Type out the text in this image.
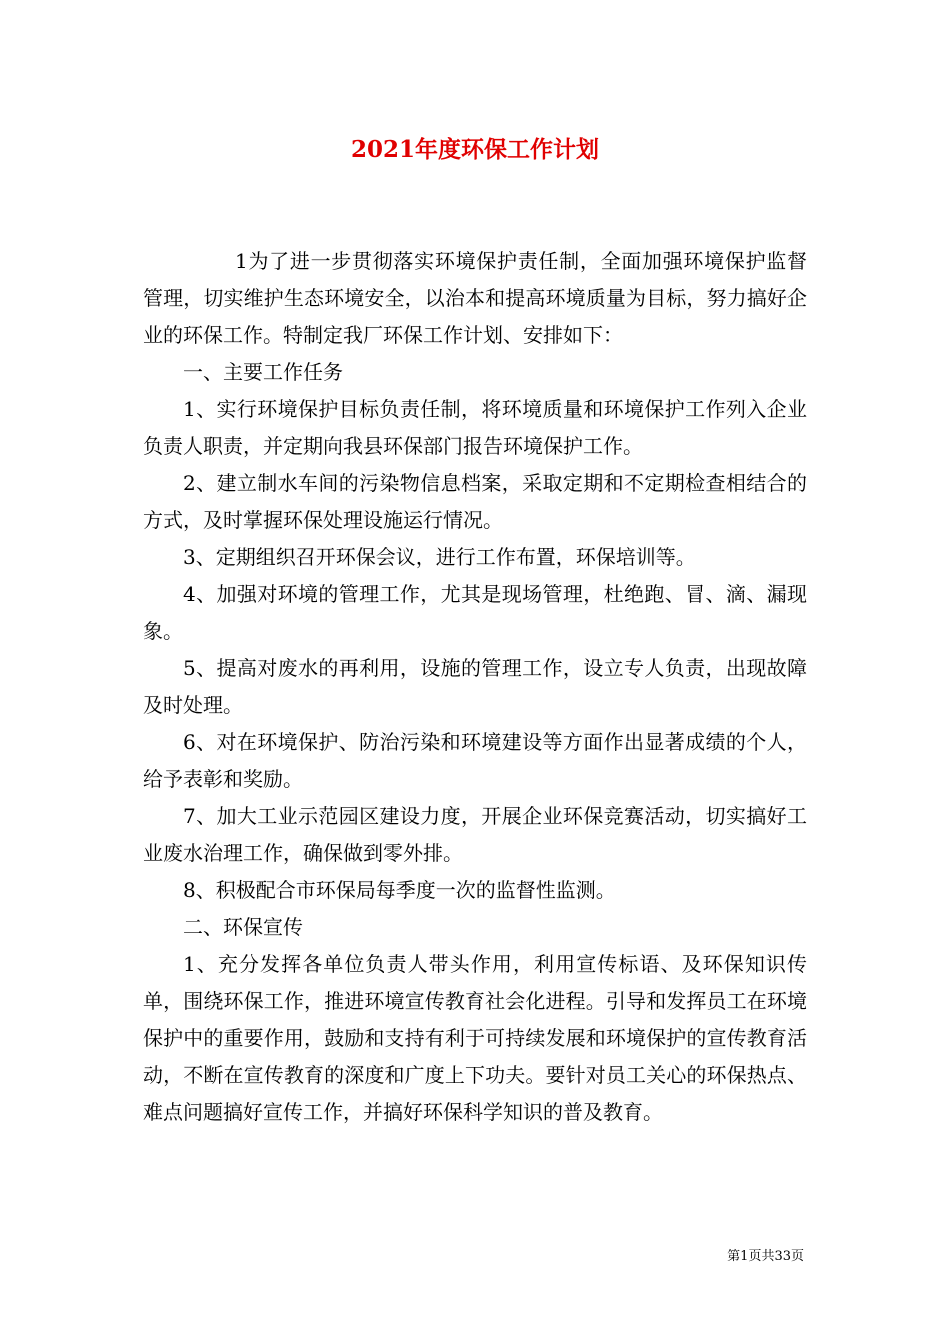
2021年度环保工作计划

1为了进一步贯彻落实环境保护责任制，全面加强环境保护监督管理，切实维护生态环境安全，以治本和提高环境质量为目标，努力搞好企业的环保工作。特制定我厂环保工作计划、安排如下：

一、主要工作任务

1、实行环境保护目标负责任制，将环境质量和环境保护工作列入企业负责人职责，并定期向我县环保部门报告环境保护工作。

2、建立制水车间的污染物信息档案，采取定期和不定期检查相结合的方式，及时掌握环保处理设施运行情况。

3、定期组织召开环保会议，进行工作布置，环保培训等。

4、加强对环境的管理工作，尤其是现场管理，杜绝跑、冒、滴、漏现象。

5、提高对废水的再利用，设施的管理工作，设立专人负责，出现故障及时处理。

6、对在环境保护、防治污染和环境建设等方面作出显著成绩的个人，给予表彰和奖励。

7、加大工业示范园区建设力度，开展企业环保竞赛活动，切实搞好工业废水治理工作，确保做到零外排。

8、积极配合市环保局每季度一次的监督性监测。

二、环保宣传

1、充分发挥各单位负责人带头作用，利用宣传标语、及环保知识传单，围绕环保工作，推进环境宣传教育社会化进程。引导和发挥员工在环境保护中的重要作用，鼓励和支持有利于可持续发展和环境保护的宣传教育活动，不断在宣传教育的深度和广度上下功夫。要针对员工关心的环保热点、难点问题搞好宣传工作，并搞好环保科学知识的普及教育。

第1页共33页
